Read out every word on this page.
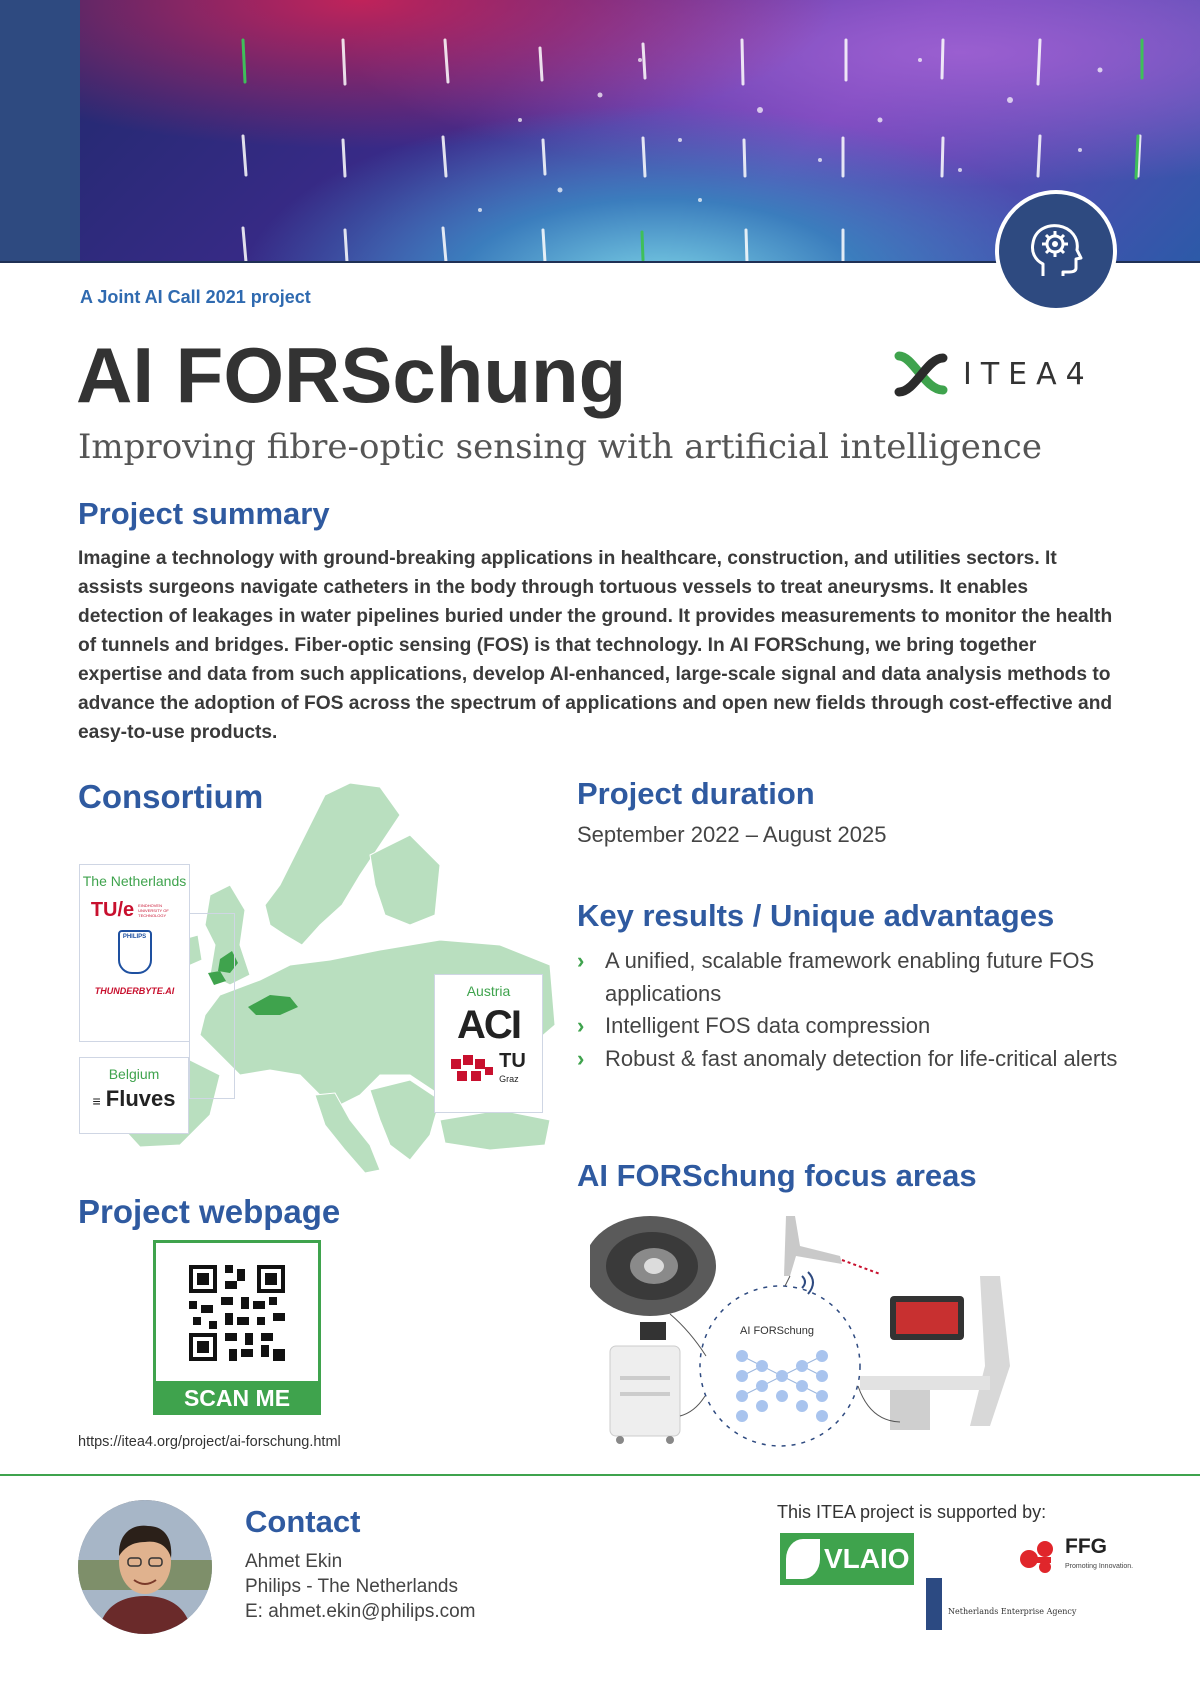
A Joint AI Call 2021 project
AI FORSchung
Improving fibre-optic sensing with artificial intelligence
ITEA4
Project summary
Imagine a technology with ground-breaking applications in healthcare, construction, and utilities sectors. It assists surgeons navigate catheters in the body through tortuous vessels to treat aneurysms. It enables detection of leakages in water pipelines buried under the ground. It provides measurements to monitor the health of tunnels and bridges. Fiber-optic sensing (FOS) is that technology. In AI FORSchung, we bring together expertise and data from such applications, develop AI-enhanced, large-scale signal and data analysis methods to advance the adoption of FOS across the spectrum of applications and open new fields through cost-effective and easy-to-use products.
Consortium
The Netherlands
TU/e EINDHOVEN UNIVERSITY OF TECHNOLOGY
PHILIPS
THUNDERBYTE.AI
Belgium
≡ Fluves
Austria
ACI
TU
Graz
Project duration
September 2022 – August 2025
Key results / Unique advantages
› A unified, scalable framework enabling future FOS applications
› Intelligent FOS data compression
› Robust & fast anomaly detection for life-critical alerts
AI FORSchung focus areas
AI FORSchung
Project webpage
SCAN ME
https://itea4.org/project/ai-forschung.html
Contact
Ahmet Ekin
Philips - The Netherlands
E: ahmet.ekin@philips.com
This ITEA project is supported by:
VLAIO	FFG
Promoting Innovation.
Netherlands Enterprise Agency
